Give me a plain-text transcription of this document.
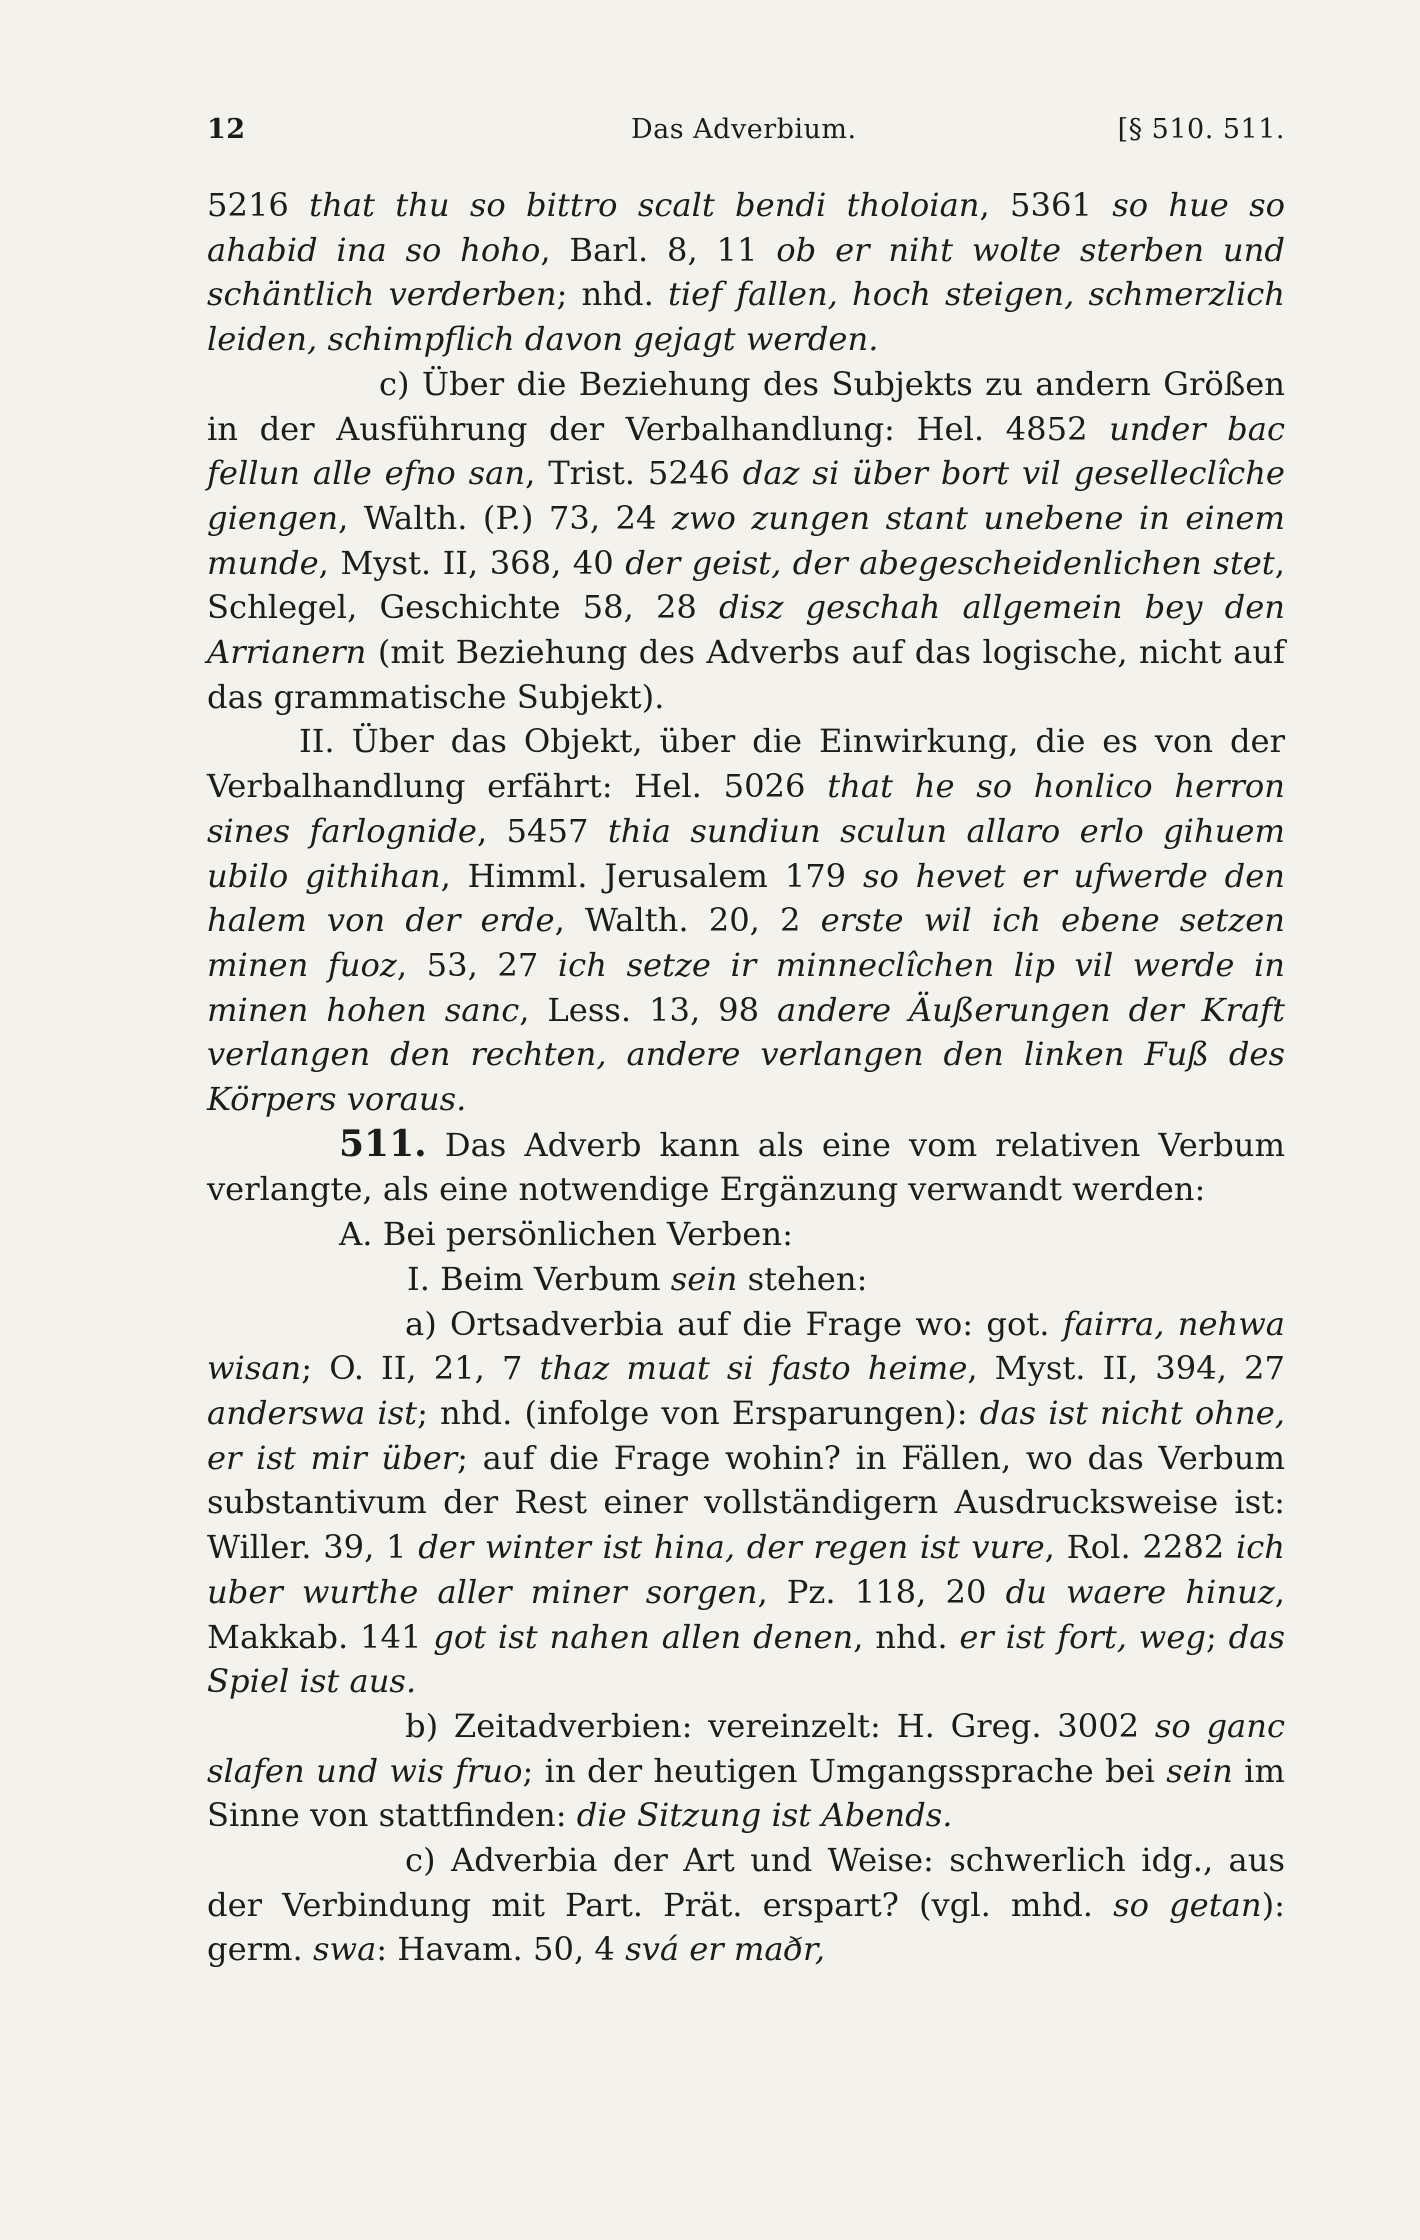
12	Das Adverbium.	[§ 510. 511.

5216 that thu so bittro scalt bendi tholoian, 5361 so hue so ahabid ina so hoho, Barl. 8, 11 ob er niht wolte sterben und schäntlich verderben; nhd. tief fallen, hoch steigen, schmerzlich leiden, schimpflich davon gejagt werden.

c) Über die Beziehung des Subjekts zu andern Größen in der Ausführung der Verbalhandlung: Hel. 4852 under bac fellun alle efno san, Trist. 5246 daz si über bort vil geselleclîche giengen, Walth. (P.) 73, 24 zwo zungen stant unebene in einem munde, Myst. II, 368, 40 der geist, der abegescheidenlichen stet, Schlegel, Geschichte 58, 28 disz geschah allgemein bey den Arrianern (mit Beziehung des Adverbs auf das logische, nicht auf das grammatische Subjekt).

II. Über das Objekt, über die Einwirkung, die es von der Verbalhandlung erfährt: Hel. 5026 that he so honlico herron sines farlognide, 5457 thia sundiun sculun allaro erlo gihuem ubilo githihan, Himml. Jerusalem 179 so hevet er ufwerde den halem von der erde, Walth. 20, 2 erste wil ich ebene setzen minen fuoz, 53, 27 ich setze ir minneclîchen lip vil werde in minen hohen sanc, Less. 13, 98 andere Äußerungen der Kraft verlangen den rechten, andere verlangen den linken Fuß des Körpers voraus.

511. Das Adverb kann als eine vom relativen Verbum verlangte, als eine notwendige Ergänzung verwandt werden:

A. Bei persönlichen Verben:

I. Beim Verbum sein stehen:

a) Ortsadverbia auf die Frage wo: got. fairra, nehwa wisan; O. II, 21, 7 thaz muat si fasto heime, Myst. II, 394, 27 anderswa ist; nhd. (infolge von Ersparungen): das ist nicht ohne, er ist mir über; auf die Frage wohin? in Fällen, wo das Verbum substantivum der Rest einer vollständigern Ausdrucksweise ist: Willer. 39, 1 der winter ist hina, der regen ist vure, Rol. 2282 ich uber wurthe aller miner sorgen, Pz. 118, 20 du waere hinuz, Makkab. 141 got ist nahen allen denen, nhd. er ist fort, weg; das Spiel ist aus.

b) Zeitadverbien: vereinzelt: H. Greg. 3002 so ganc slafen und wis fruo; in der heutigen Umgangssprache bei sein im Sinne von stattfinden: die Sitzung ist Abends.

c) Adverbia der Art und Weise: schwerlich idg., aus der Verbindung mit Part. Prät. erspart? (vgl. mhd. so getan): germ. swa: Havam. 50, 4 svá er maðr,
